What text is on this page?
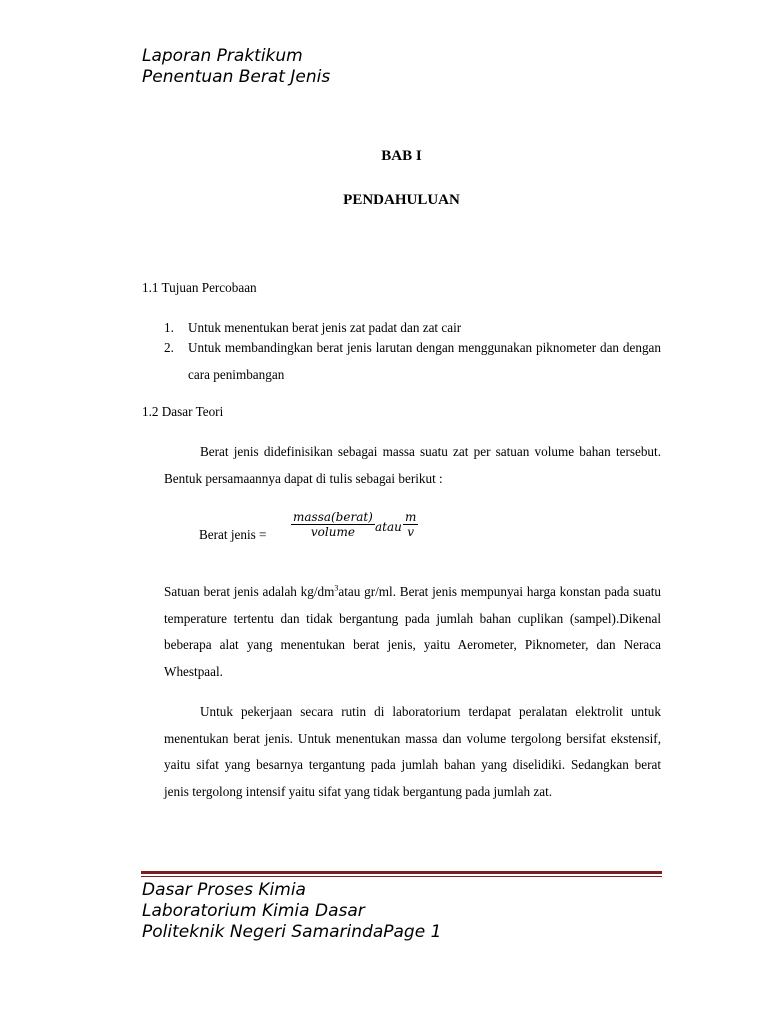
Laporan Praktikum
Penentuan Berat Jenis
BAB I
PENDAHULUAN
1.1 Tujuan Percobaan
1. Untuk menentukan berat jenis zat padat dan zat cair
2. Untuk membandingkan berat jenis larutan dengan menggunakan piknometer dan dengan cara penimbangan
1.2 Dasar Teori

Berat jenis didefinisikan sebagai massa suatu zat per satuan volume bahan tersebut. Bentuk persamaannya dapat di tulis sebagai berikut :

Berat jenis =
massa(berat)
volume	atau $\frac{m}{v}$

Satuan berat jenis adalah $kg/dm^3atau$ gr/ml. Berat jenis mempunyai harga konstan pada suatu temperature tertentu dan tidak bergantung pada jumlah bahan cuplikan (sampel).Dikenal beberapa alat yang menentukan berat jenis, yaitu Aerometer, Piknometer, dan Neraca Whestpaal.

Untuk pekerjaan secara rutin di laboratorium terdapat peralatan elektrolit untuk menentukan berat jenis. Untuk menentukan massa dan volume tergolong bersifat ekstensif, yaitu sifat yang besarnya tergantung pada jumlah bahan yang diselidiki. Sedangkan berat jenis tergolong intensif yaitu sifat yang tidak bergantung pada jumlah zat.

Dasar Proses Kimia
Laboratorium Kimia Dasar
Politeknik Negeri SamarindaPage 1
